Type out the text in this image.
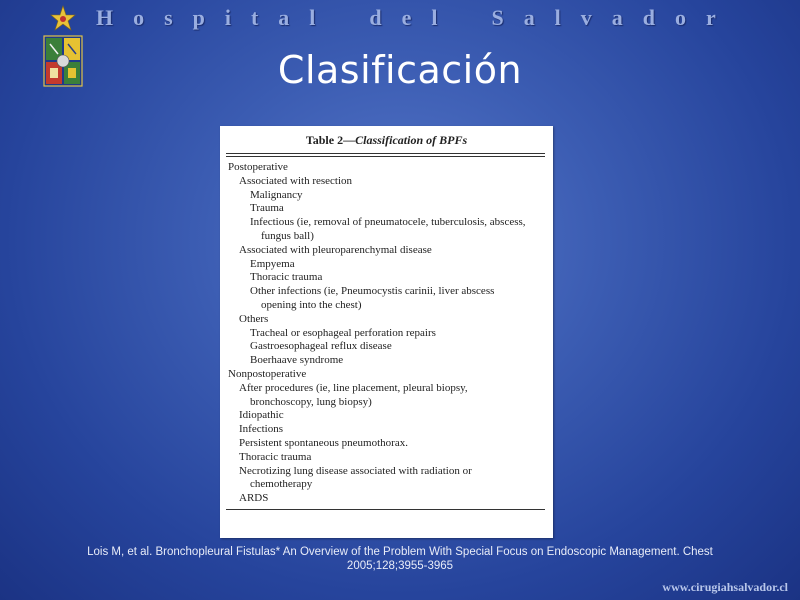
H o s p i t a l d e l S a l v a d o r
Clasificación
Table 2—Classification of BPFs
Postoperative
Associated with resection
Malignancy
Trauma
Infectious (ie, removal of pneumatocele, tuberculosis, abscess,
fungus ball)
Associated with pleuroparenchymal disease
Empyema
Thoracic trauma
Other infections (ie, Pneumocystis carinii, liver abscess
opening into the chest)
Others
Tracheal or esophageal perforation repairs
Gastroesophageal reflux disease
Boerhaave syndrome
Nonpostoperative
After procedures (ie, line placement, pleural biopsy,
bronchoscopy, lung biopsy)
Idiopathic
Infections
Persistent spontaneous pneumothorax.
Thoracic trauma
Necrotizing lung disease associated with radiation or
chemotherapy
ARDS
Lois M, et al. Bronchopleural Fistulas* An Overview of the Problem With Special Focus on Endoscopic Management. Chest
2005;128;3955-3965
www.cirugiahsalvador.cl
